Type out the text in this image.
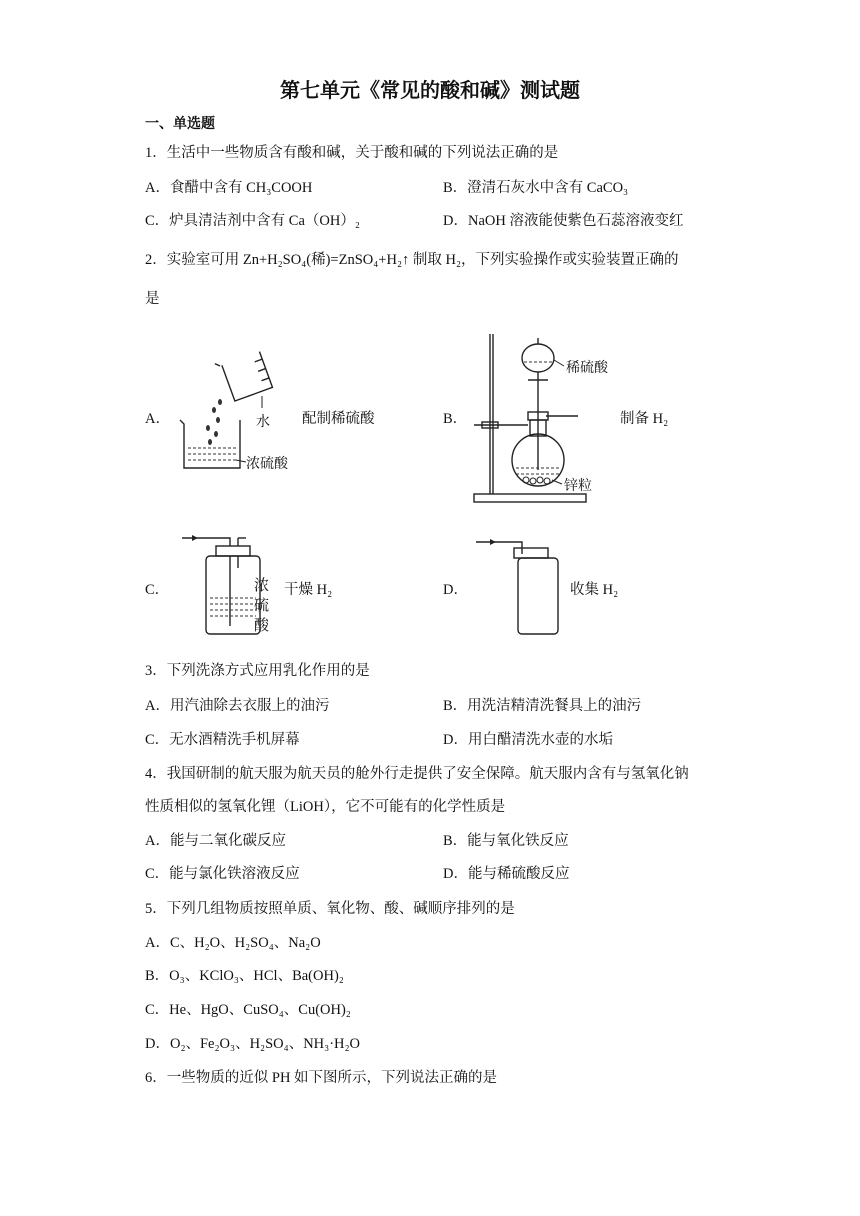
第七单元《常见的酸和碱》测试题
一、单选题
1．生活中一些物质含有酸和碱，关于酸和碱的下列说法正确的是
A．食醋中含有 CH₃COOH	B．澄清石灰水中含有 CaCO₃
C．炉具清洁剂中含有 Ca（OH）₂	D．NaOH 溶液能使紫色石蕊溶液变红
2．实验室可用 Zn+H₂SO₄(稀)=ZnSO₄+H₂↑ 制取 H₂，下列实验操作或实验装置正确的
是
A．	水
浓硫酸
配制稀硫酸	B．
稀硫酸
锌粒
制备 H₂
C．	浓
硫
酸
干燥 H₂	D．	收集 H₂
3．下列洗涤方式应用乳化作用的是
A．用汽油除去衣服上的油污	B．用洗洁精清洗餐具上的油污
C．无水酒精洗手机屏幕	D．用白醋清洗水壶的水垢
4．我国研制的航天服为航天员的舱外行走提供了安全保障。航天服内含有与氢氧化钠
性质相似的氢氧化锂（LiOH），它不可能有的化学性质是
A．能与二氧化碳反应	B．能与氧化铁反应
C．能与氯化铁溶液反应	D．能与稀硫酸反应
5．下列几组物质按照单质、氧化物、酸、碱顺序排列的是
A．C、H₂O、H₂SO₄、Na₂O
B．O₃、KClO₃、HCl、Ba(OH)₂
C．He、HgO、CuSO₄、Cu(OH)₂
D．O₂、Fe₂O₃、H₂SO₄、NH₃·H₂O
6．一些物质的近似 PH 如下图所示，下列说法正确的是
